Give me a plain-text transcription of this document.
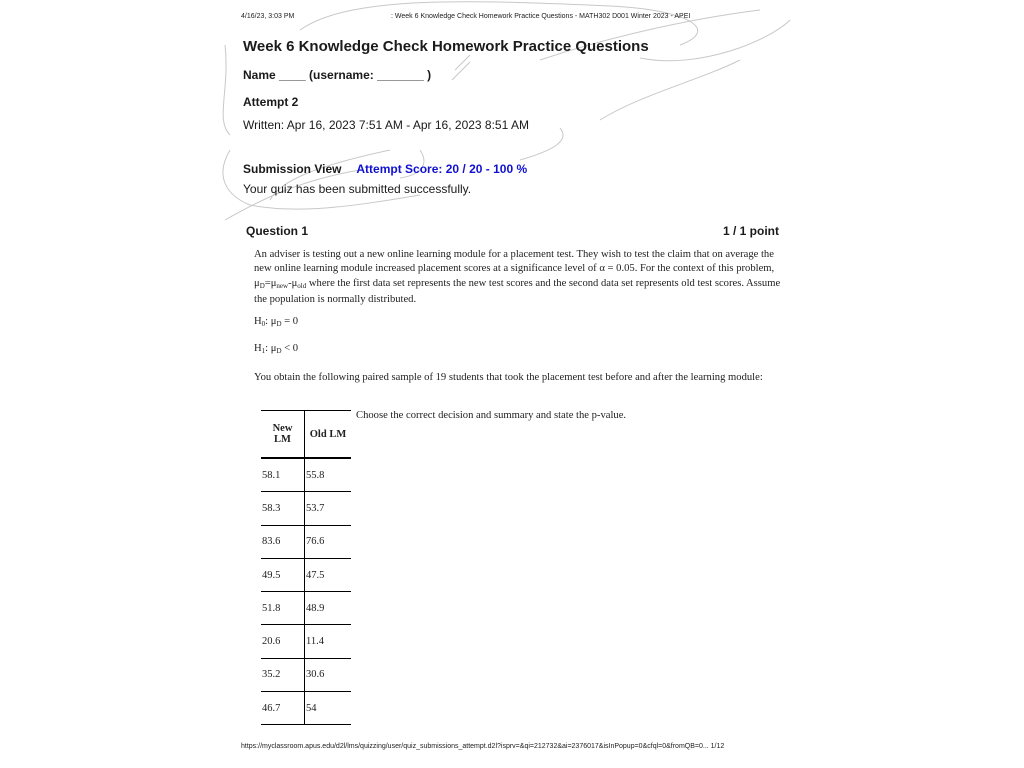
4/16/23, 3:03 PM	: Week 6 Knowledge Check Homework Practice Questions - MATH302 D001 Winter 2023 - APEI
Week 6 Knowledge Check Homework Practice Questions
Name ____ (username: _______ )
Attempt 2
Written: Apr 16, 2023 7:51 AM - Apr 16, 2023 8:51 AM
Submission View Attempt Score: 20 / 20 - 100 %
Your quiz has been submitted successfully.
Question 1	1 / 1 point
An adviser is testing out a new online learning module for a placement test. They wish to test the claim that on average the new online learning module increased placement scores at a significance level of α = 0.05. For the context of this problem, $\mu_D=\mu_{new}-\mu_{old}$ where the first data set represents the new test scores and the second data set represents old test scores. Assume the population is normally distributed.
$H_0$: $\mu_D = 0$
$H_1$: $\mu_D < 0$
You obtain the following paired sample of 19 students that took the placement test before and after the learning module:
New LM	Old LM
58.1	55.8
58.3	53.7
83.6	76.6
49.5	47.5
51.8	48.9
20.6	11.4
35.2	30.6
46.7	54
Choose the correct decision and summary and state the p-value.
https://myclassroom.apus.edu/d2l/lms/quizzing/user/quiz_submissions_attempt.d2l?isprv=&qi=212732&ai=2376017&isInPopup=0&cfql=0&fromQB=0... 1/12
